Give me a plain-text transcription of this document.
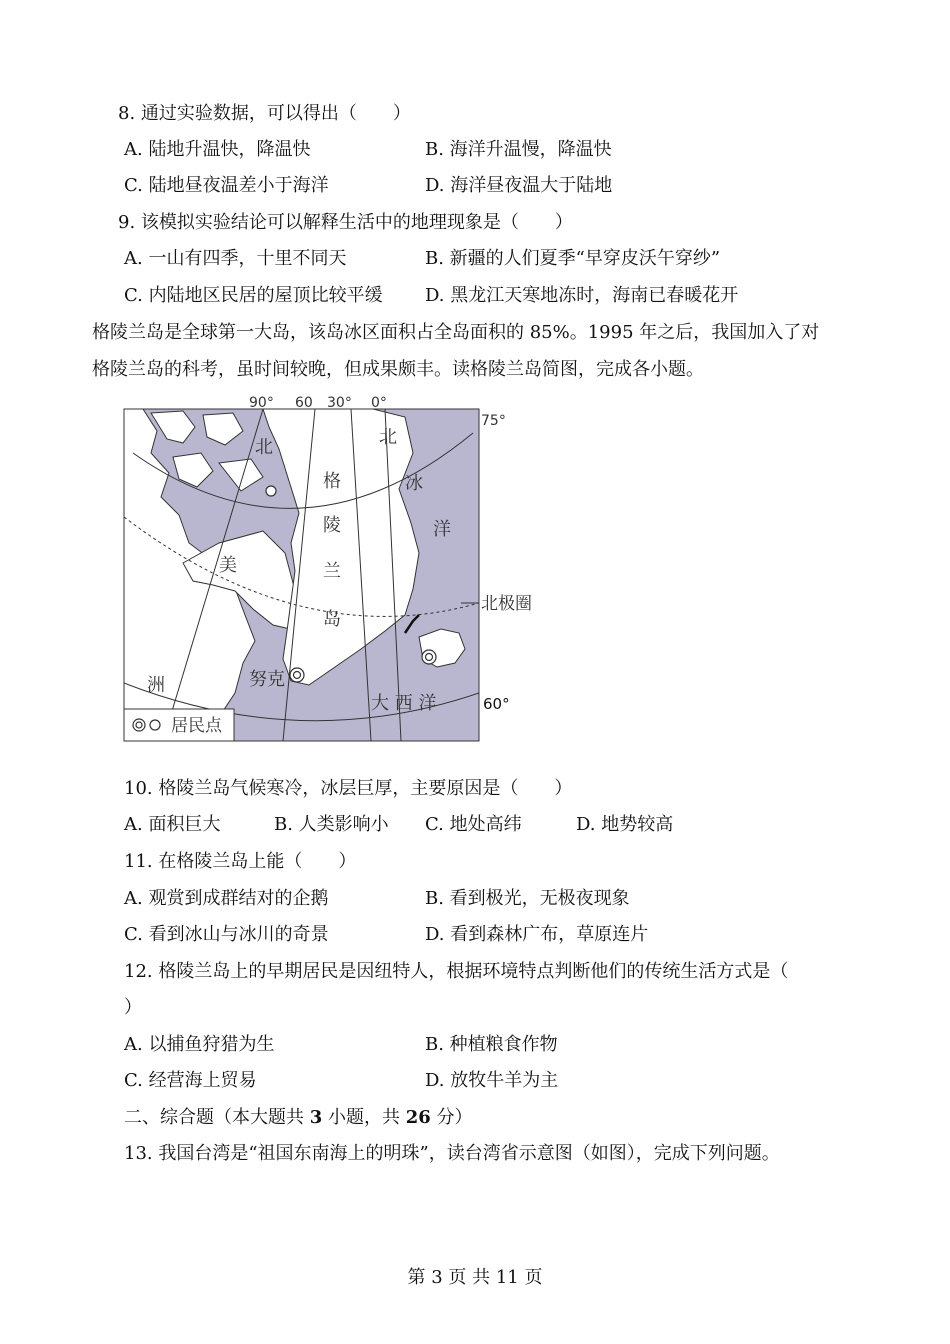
8. 通过实验数据，可以得出（　　）
A. 陆地升温快，降温快	B. 海洋升温慢，降温快
C. 陆地昼夜温差小于海洋	D. 海洋昼夜温大于陆地
9. 该模拟实验结论可以解释生活中的地理现象是（　　）
A. 一山有四季，十里不同天	B. 新疆的人们夏季“早穿皮沃午穿纱”
C. 内陆地区民居的屋顶比较平缓 D. 黑龙江天寒地冻时，海南已春暖花开
格陵兰岛是全球第一大岛，该岛冰区面积占全岛面积的 85%。1995 年之后，我国加入了对
格陵兰岛的科考，虽时间较晚，但成果颇丰。读格陵兰岛简图，完成各小题。
90° 60 30° 0°
75°
60°
北极圈
格
陵
兰
岛
北
冰
洋
北
美
洲
大 西 洋
努克
居民点
10. 格陵兰岛气候寒冷，冰层巨厚，主要原因是（　　）
A. 面积巨大	B. 人类影响小 C. 地处高纬	D. 地势较高
11. 在格陵兰岛上能（　　）
A. 观赏到成群结对的企鹅	B. 看到极光，无极夜现象
C. 看到冰山与冰川的奇景	D. 看到森林广布，草原连片
12. 格陵兰岛上的早期居民是因纽特人，根据环境特点判断他们的传统生活方式是（
）
A. 以捕鱼狩猎为生	B. 种植粮食作物
C. 经营海上贸易	D. 放牧牛羊为主
二、综合题（本大题共 3 小题，共 26 分）
13. 我国台湾是“祖国东南海上的明珠”，读台湾省示意图（如图），完成下列问题。
第 3 页 共 11 页
